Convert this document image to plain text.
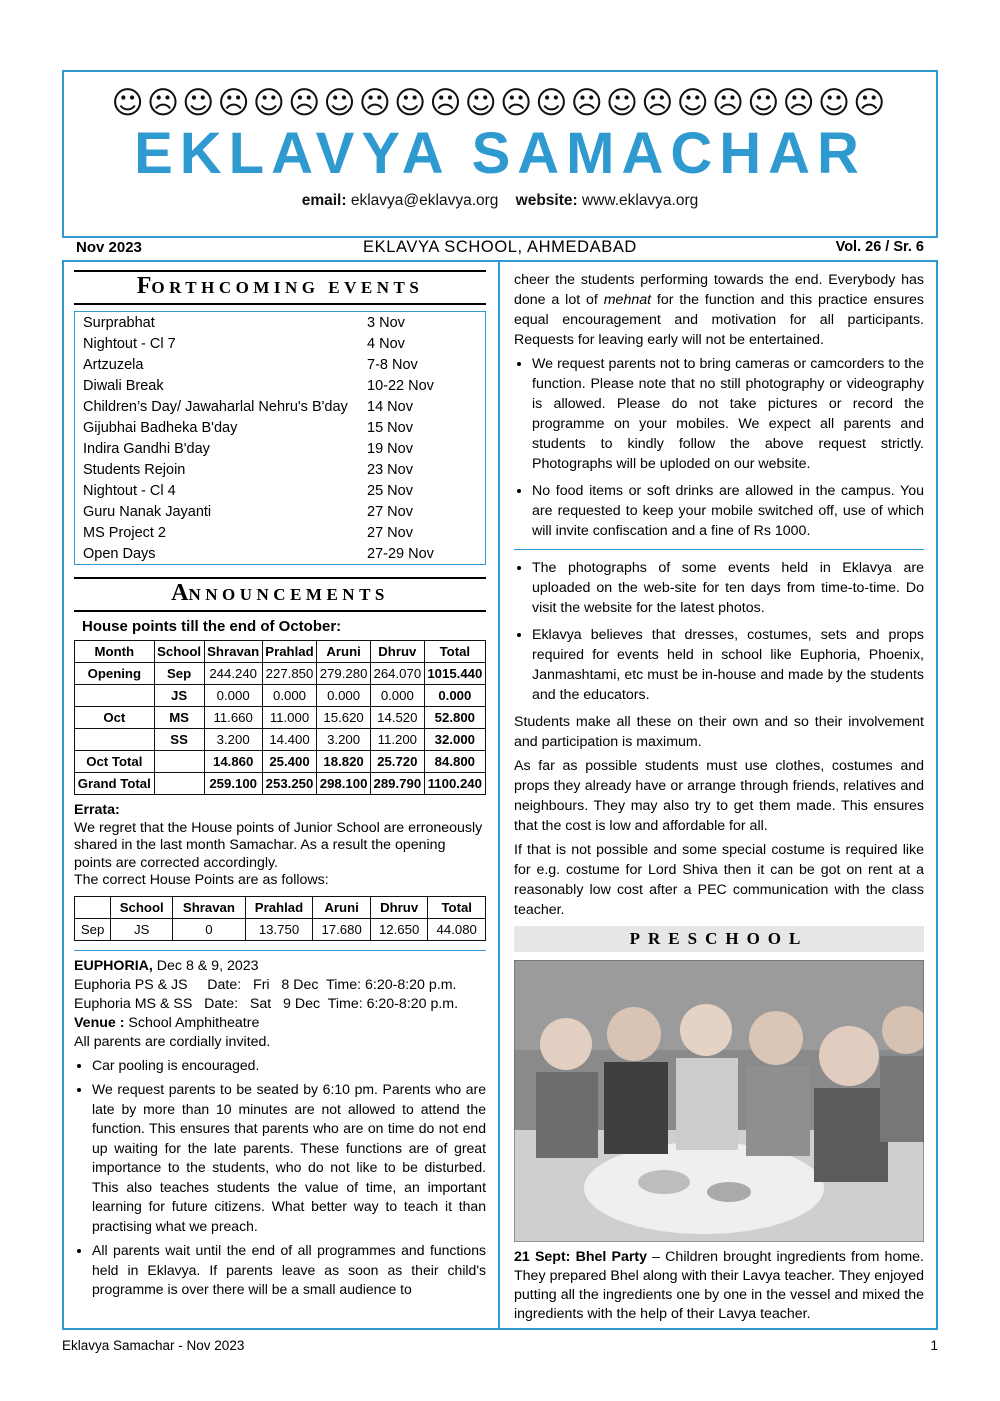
☺☹☺☹☺☹☺☹☺☹☺☹☺☹☺☹☺☹☺☹☺☹
EKLAVYA SAMACHAR
email: eklavya@eklavya.org website: www.eklavya.org
Nov 2023	EKLAVYA SCHOOL, AHMEDABAD	Vol. 26 / Sr. 6
FORTHCOMING EVENTS
Surprabhat	3 Nov
Nightout - Cl 7	4 Nov
Artzuzela	7-8 Nov
Diwali Break	10-22 Nov
Children’s Day/ Jawaharlal Nehru's B'day	14 Nov
Gijubhai Badheka B'day	15 Nov
Indira Gandhi B'day	19 Nov
Students Rejoin	23 Nov
Nightout - Cl 4	25 Nov
Guru Nanak Jayanti	27 Nov
MS Project 2	27 Nov
Open Days	27-29 Nov
ANNOUNCEMENTS
House points till the end of October:
Month	School	Shravan	Prahlad	Aruni	Dhruv	Total
Opening	Sep	244.240	227.850	279.280	264.070	1015.440
	JS	0.000	0.000	0.000	0.000	0.000
Oct	MS	11.660	11.000	15.620	14.520	52.800
	SS	3.200	14.400	3.200	11.200	32.000
Oct Total		14.860	25.400	18.820	25.720	84.800
Grand Total		259.100	253.250	298.100	289.790	1100.240
Errata:
We regret that the House points of Junior School are erroneously shared in the last month Samachar. As a result the opening points are corrected accordingly.
The correct House Points are as follows:
	School	Shravan	Prahlad	Aruni	Dhruv	Total
Sep	JS	0	13.750	17.680	12.650	44.080
EUPHORIA, Dec 8 & 9, 2023
Euphoria PS & JS Date: Fri 8 Dec Time: 6:20-8:20 p.m.
Euphoria MS & SS Date: Sat 9 Dec Time: 6:20-8:20 p.m.
Venue : School Amphitheatre
All parents are cordially invited.
• Car pooling is encouraged.
• We request parents to be seated by 6:10 pm. Parents who are late by more than 10 minutes are not allowed to attend the function. This ensures that parents who are on time do not end up waiting for the late parents. These functions are of great importance to the students, who do not like to be disturbed. This also teaches students the value of time, an important learning for future citizens. What better way to teach it than practising what we preach.
• All parents wait until the end of all programmes and functions held in Eklavya. If parents leave as soon as their child's programme is over there will be a small audience to

cheer the students performing towards the end. Everybody has done a lot of mehnat for the function and this practice ensures equal encouragement and motivation for all participants. Requests for leaving early will not be entertained.

• We request parents not to bring cameras or camcorders to the function. Please note that no still photography or videography is allowed. Please do not take pictures or record the programme on your mobiles. We expect all parents and students to kindly follow the above request strictly. Photographs will be uploded on our website.
• No food items or soft drinks are allowed in the campus. You are requested to keep your mobile switched off, use of which will invite confiscation and a fine of Rs 1000.
• The photographs of some events held in Eklavya are uploaded on the web-site for ten days from time-to-time. Do visit the website for the latest photos.
• Eklavya believes that dresses, costumes, sets and props required for events held in school like Euphoria, Phoenix, Janmashtami, etc must be in-house and made by the students and the educators.

Students make all these on their own and so their involvement and participation is maximum.

As far as possible students must use clothes, costumes and props they already have or arrange through friends, relatives and neighbours. They may also try to get them made. This ensures that the cost is low and affordable for all.

If that is not possible and some special costume is required like for e.g. costume for Lord Shiva then it can be got on rent at a reasonably low cost after a PEC communication with the class teacher.

PRESCHOOL
21 Sept: Bhel Party – Children brought ingredients from home. They prepared Bhel along with their Lavya teacher. They enjoyed putting all the ingredients one by one in the vessel and mixed the ingredients with the help of their Lavya teacher.
Eklavya Samachar - Nov 2023	1
